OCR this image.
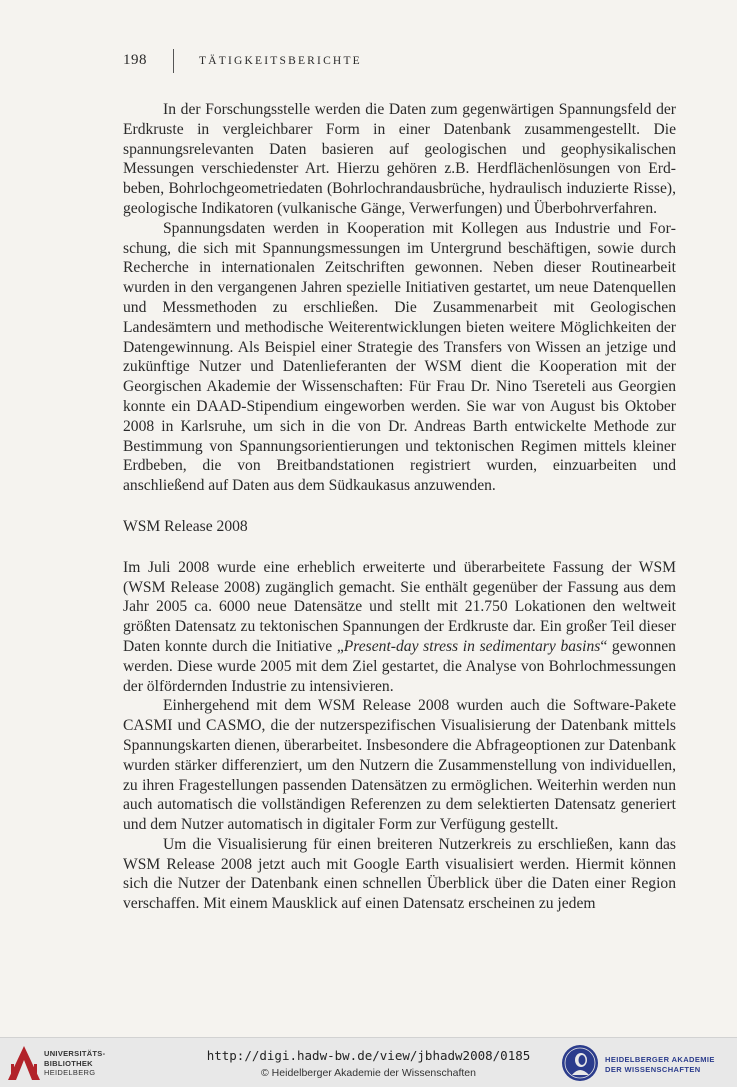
198	TÄTIGKEITSBERICHTE

In der Forschungsstelle werden die Daten zum gegenwärtigen Spannungsfeld der Erdkruste in vergleichbarer Form in einer Datenbank zusammengestellt. Die spannungsrelevanten Daten basieren auf geologischen und geophysikalischen Messungen verschiedenster Art. Hierzu gehören z.B. Herdflächenlösungen von Erdbeben, Bohrlochgeometriedaten (Bohrlochrandausbrüche, hydraulisch induzierte Risse), geologische Indikatoren (vulkanische Gänge, Verwerfungen) und Überbohrverfahren.

Spannungsdaten werden in Kooperation mit Kollegen aus Industrie und Forschung, die sich mit Spannungsmessungen im Untergrund beschäftigen, sowie durch Recherche in internationalen Zeitschriften gewonnen. Neben dieser Routinearbeit wurden in den vergangenen Jahren spezielle Initiativen gestartet, um neue Datenquellen und Messmethoden zu erschließen. Die Zusammenarbeit mit Geologischen Landesämtern und methodische Weiterentwicklungen bieten weitere Möglichkeiten der Datengewinnung. Als Beispiel einer Strategie des Transfers von Wissen an jetzige und zukünftige Nutzer und Datenlieferanten der WSM dient die Kooperation mit der Georgischen Akademie der Wissenschaften: Für Frau Dr. Nino Tsereteli aus Georgien konnte ein DAAD-Stipendium eingeworben werden. Sie war von August bis Oktober 2008 in Karlsruhe, um sich in die von Dr. Andreas Barth entwickelte Methode zur Bestimmung von Spannungsorientierungen und tektonischen Regimen mittels kleiner Erdbeben, die von Breitbandstationen registriert wurden, einzuarbeiten und anschließend auf Daten aus dem Südkaukasus anzuwenden.

WSM Release 2008

Im Juli 2008 wurde eine erheblich erweiterte und überarbeitete Fassung der WSM (WSM Release 2008) zugänglich gemacht. Sie enthält gegenüber der Fassung aus dem Jahr 2005 ca. 6000 neue Datensätze und stellt mit 21.750 Lokationen den weltweit größten Datensatz zu tektonischen Spannungen der Erdkruste dar. Ein großer Teil dieser Daten konnte durch die Initiative „Present-day stress in sedimentary basins“ gewonnen werden. Diese wurde 2005 mit dem Ziel gestartet, die Analyse von Bohrlochmessungen der ölfördernden Industrie zu intensivieren.

Einhergehend mit dem WSM Release 2008 wurden auch die Software-Pakete CASMI und CASMO, die der nutzerspezifischen Visualisierung der Datenbank mittels Spannungskarten dienen, überarbeitet. Insbesondere die Abfrageoptionen zur Datenbank wurden stärker differenziert, um den Nutzern die Zusammenstellung von individuellen, zu ihren Fragestellungen passenden Datensätzen zu ermöglichen. Weiterhin werden nun auch automatisch die vollständigen Referenzen zu dem selektierten Datensatz generiert und dem Nutzer automatisch in digitaler Form zur Verfügung gestellt.

Um die Visualisierung für einen breiteren Nutzerkreis zu erschließen, kann das WSM Release 2008 jetzt auch mit Google Earth visualisiert werden. Hiermit können sich die Nutzer der Datenbank einen schnellen Überblick über die Daten einer Region verschaffen. Mit einem Mausklick auf einen Datensatz erscheinen zu jedem

UNIVERSITÄTS-
BIBLIOTHEK
HEIDELBERG
http://digi.hadw-bw.de/view/jbhadw2008/0185
© Heidelberger Akademie der Wissenschaften
HEIDELBERGER AKADEMIE
DER WISSENSCHAFTEN
